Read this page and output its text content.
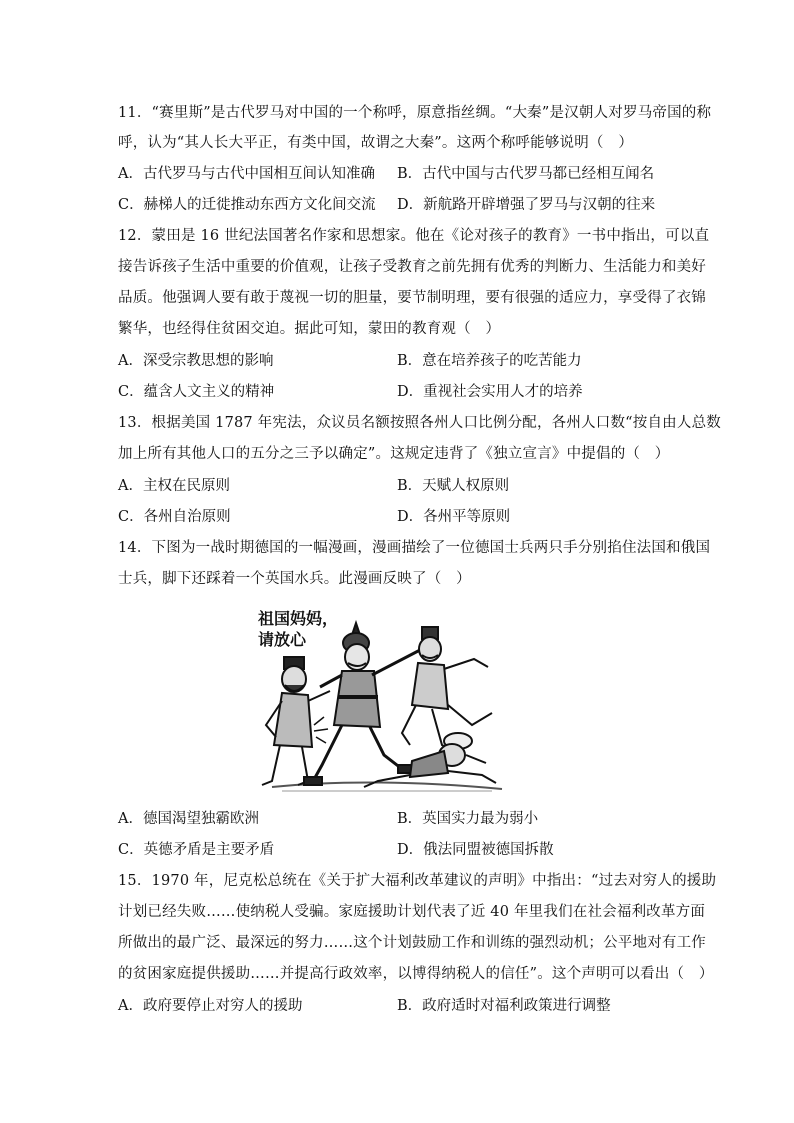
11．“赛里斯”是古代罗马对中国的一个称呼，原意指丝绸。“大秦”是汉朝人对罗马帝国的称
呼，认为“其人长大平正，有类中国，故谓之大秦”。这两个称呼能够说明（　）
A．古代罗马与古代中国相互间认知准确 B．古代中国与古代罗马都已经相互闻名
C．赫梯人的迁徙推动东西方文化间交流 D．新航路开辟增强了罗马与汉朝的往来
12．蒙田是 16 世纪法国著名作家和思想家。他在《论对孩子的教育》一书中指出，可以直
接告诉孩子生活中重要的价值观，让孩子受教育之前先拥有优秀的判断力、生活能力和美好
品质。他强调人要有敢于蔑视一切的胆量，要节制明理，要有很强的适应力，享受得了衣锦
繁华，也经得住贫困交迫。据此可知，蒙田的教育观（　）
A．深受宗教思想的影响	B．意在培养孩子的吃苦能力
C．蕴含人文主义的精神	D．重视社会实用人才的培养
13．根据美国 1787 年宪法，众议员名额按照各州人口比例分配，各州人口数“按自由人总数
加上所有其他人口的五分之三予以确定”。这规定违背了《独立宣言》中提倡的（　）
A．主权在民原则	B．天赋人权原则
C．各州自治原则	D．各州平等原则
14．下图为一战时期德国的一幅漫画，漫画描绘了一位德国士兵两只手分别掐住法国和俄国
士兵，脚下还踩着一个英国水兵。此漫画反映了（　）
祖国妈妈，
请放心
A．德国渴望独霸欧洲	B．英国实力最为弱小
C．英德矛盾是主要矛盾	D．俄法同盟被德国拆散
15．1970 年，尼克松总统在《关于扩大福利改革建议的声明》中指出：“过去对穷人的援助
计划已经失败……使纳税人受骗。家庭援助计划代表了近 40 年里我们在社会福利改革方面
所做出的最广泛、最深远的努力……这个计划鼓励工作和训练的强烈动机；公平地对有工作
的贫困家庭提供援助……并提高行政效率，以博得纳税人的信任”。这个声明可以看出（　）
A．政府要停止对穷人的援助	B．政府适时对福利政策进行调整
